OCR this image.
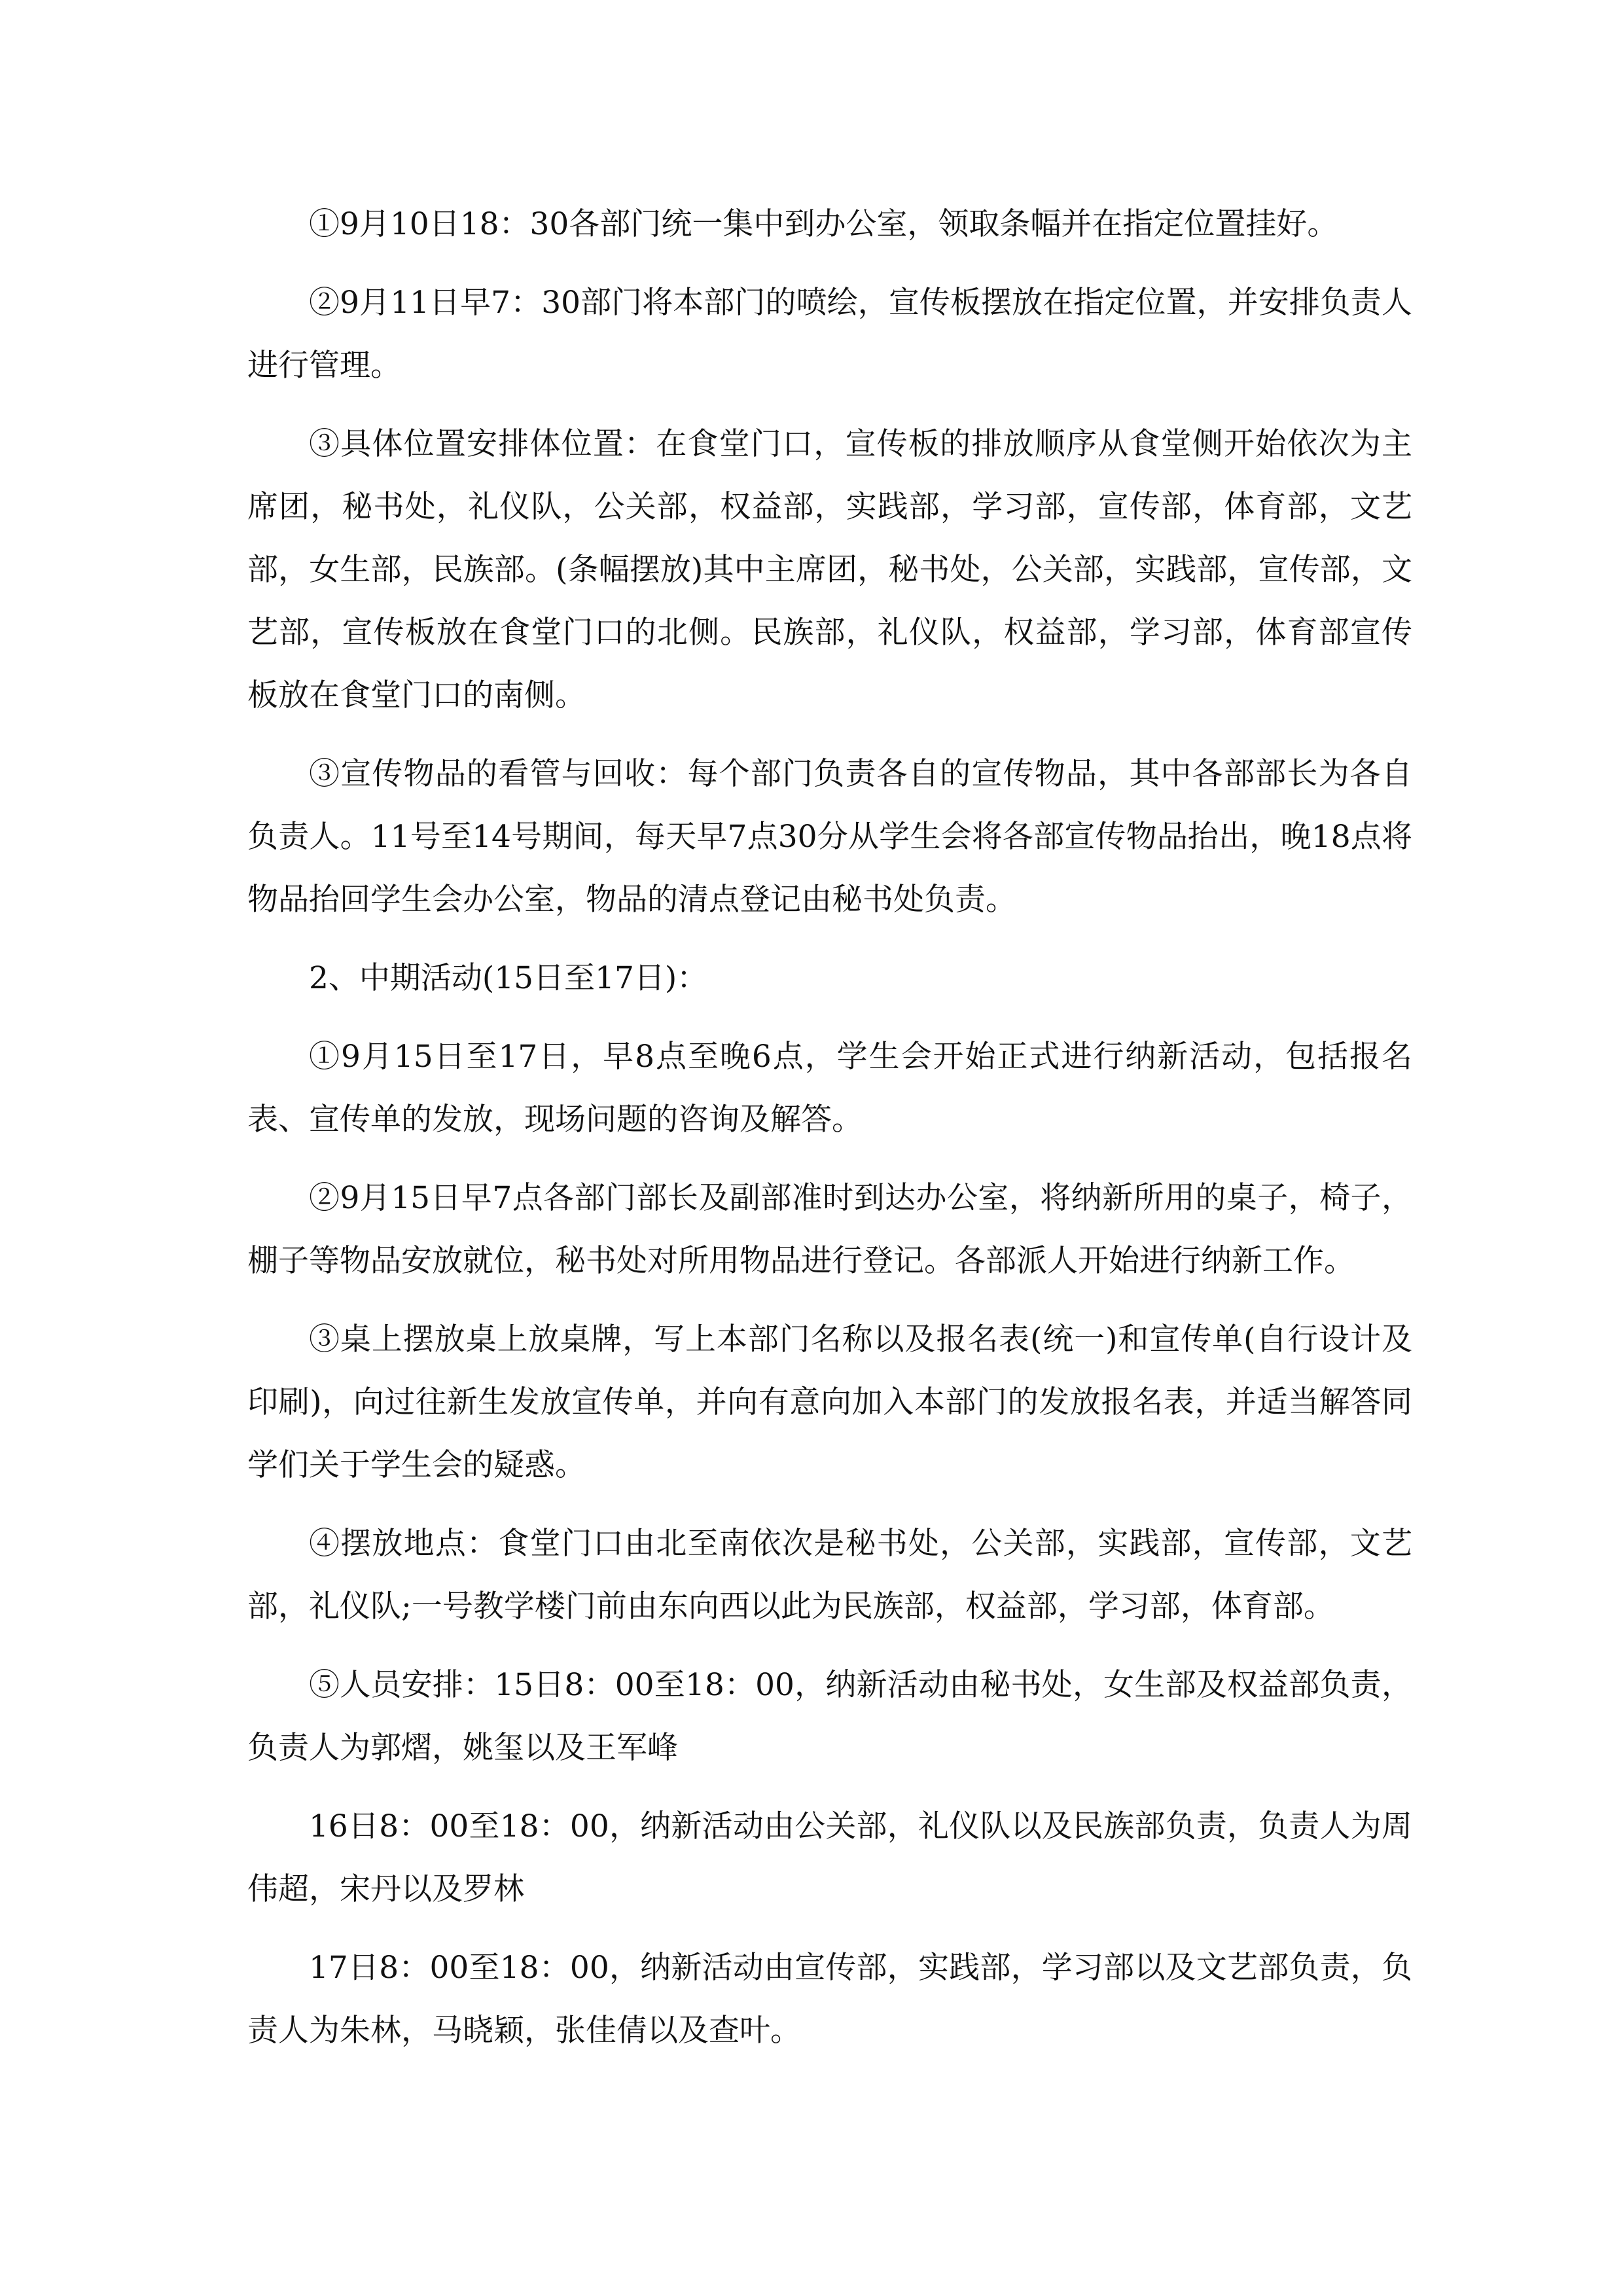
①9月10日18：30各部门统一集中到办公室，领取条幅并在指定位置挂好。

②9月11日早7：30部门将本部门的喷绘，宣传板摆放在指定位置，并安排负责人进行管理。

③具体位置安排体位置：在食堂门口，宣传板的排放顺序从食堂侧开始依次为主席团，秘书处，礼仪队，公关部，权益部，实践部，学习部，宣传部，体育部，文艺部，女生部，民族部。(条幅摆放)其中主席团，秘书处，公关部，实践部，宣传部，文艺部，宣传板放在食堂门口的北侧。民族部，礼仪队，权益部，学习部，体育部宣传板放在食堂门口的南侧。

③宣传物品的看管与回收：每个部门负责各自的宣传物品，其中各部部长为各自负责人。11号至14号期间，每天早7点30分从学生会将各部宣传物品抬出，晚18点将物品抬回学生会办公室，物品的清点登记由秘书处负责。

2、中期活动(15日至17日)：

①9月15日至17日，早8点至晚6点，学生会开始正式进行纳新活动，包括报名表、宣传单的发放，现场问题的咨询及解答。

②9月15日早7点各部门部长及副部准时到达办公室，将纳新所用的桌子，椅子，棚子等物品安放就位，秘书处对所用物品进行登记。各部派人开始进行纳新工作。

③桌上摆放桌上放桌牌，写上本部门名称以及报名表(统一)和宣传单(自行设计及印刷)，向过往新生发放宣传单，并向有意向加入本部门的发放报名表，并适当解答同学们关于学生会的疑惑。

④摆放地点：食堂门口由北至南依次是秘书处，公关部，实践部，宣传部，文艺部，礼仪队;一号教学楼门前由东向西以此为民族部，权益部，学习部，体育部。

⑤人员安排：15日8：00至18：00，纳新活动由秘书处，女生部及权益部负责，负责人为郭熠，姚玺以及王军峰

16日8：00至18：00，纳新活动由公关部，礼仪队以及民族部负责，负责人为周伟超，宋丹以及罗林

17日8：00至18：00，纳新活动由宣传部，实践部，学习部以及文艺部负责，负责人为朱林，马晓颖，张佳倩以及查叶。
